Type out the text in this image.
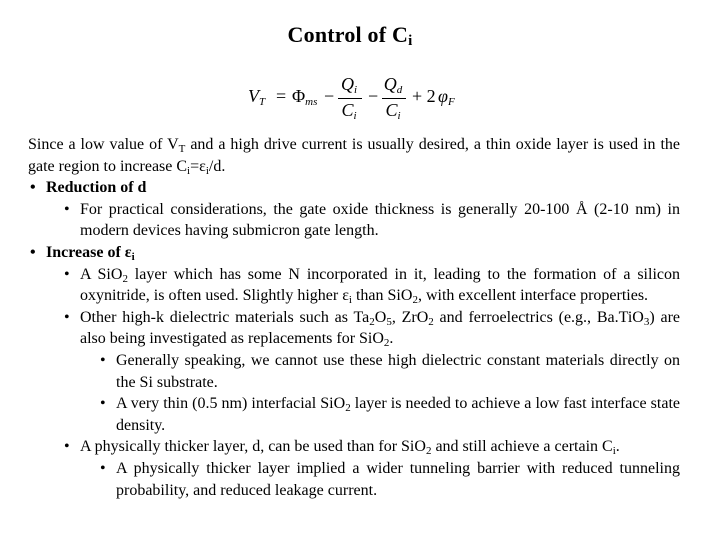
Control of $C_i$
$V_T = \Phi_{ms}$ −
$Q_i$
$C_i$
−
$Q_d$
$C_i$
+ 2 $\varphi_F$

Since a low value of $V_T$ and a high drive current is usually desired, a thin oxide layer is used in the gate region to increase $C_i=\varepsilon_i/d$.

• Reduction of d
• For practical considerations, the gate oxide thickness is generally 20-100 Å (2-10 nm) in modern devices having submicron gate length.
• Increase of $\varepsilon_i$
• A SiO$_2$ layer which has some N incorporated in it, leading to the formation of a silicon oxynitride, is often used. Slightly higher $\varepsilon_i$ than SiO$_2$, with excellent interface properties.
• Other high-k dielectric materials such as $Ta_2O_5$, ZrO$_2$ and ferroelectrics (e.g., Ba.TiO$_3$) are also being investigated as replacements for SiO$_2$.
• Generally speaking, we cannot use these high dielectric constant materials directly on the Si substrate.
• A very thin (0.5 nm) interfacial SiO$_2$ layer is needed to achieve a low fast interface state density.
• A physically thicker layer, d, can be used than for SiO$_2$ and still achieve a certain $C_i$.
• A physically thicker layer implied a wider tunneling barrier with reduced tunneling probability, and reduced leakage current.
